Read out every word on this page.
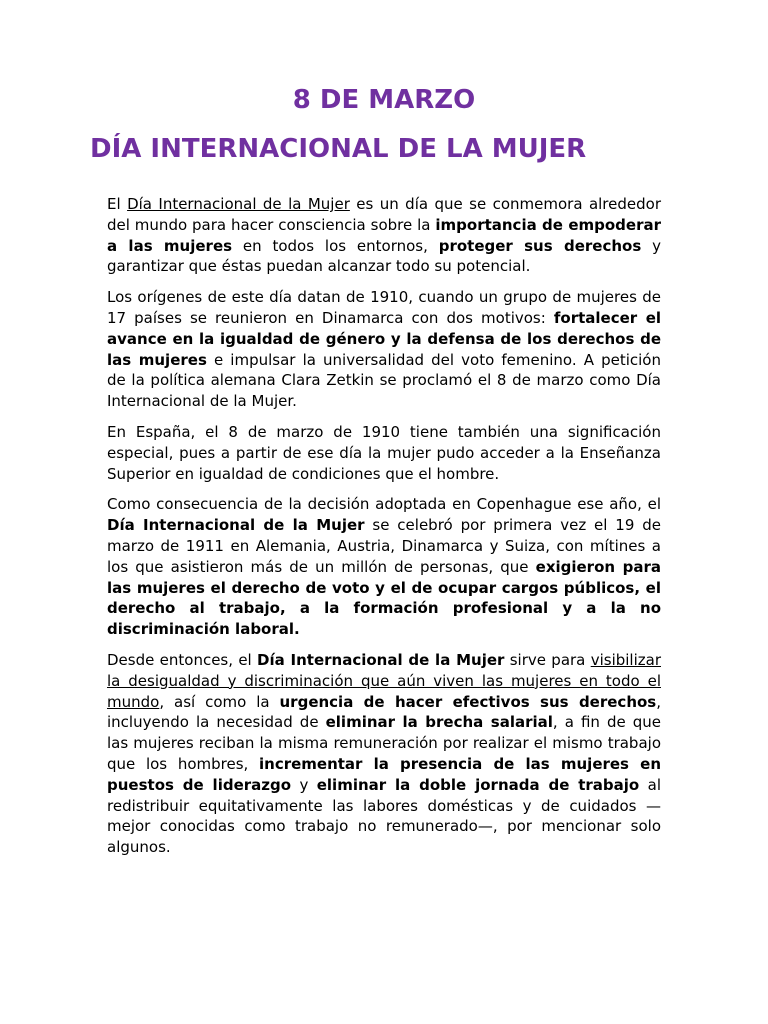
8 DE MARZO
DÍA INTERNACIONAL DE LA MUJER

El Día Internacional de la Mujer es un día que se conmemora alrededor del mundo para hacer consciencia sobre la importancia de empoderar a las mujeres en todos los entornos, proteger sus derechos y garantizar que éstas puedan alcanzar todo su potencial.

Los orígenes de este día datan de 1910, cuando un grupo de mujeres de 17 países se reunieron en Dinamarca con dos motivos: fortalecer el avance en la igualdad de género y la defensa de los derechos de las mujeres e impulsar la universalidad del voto femenino. A petición de la política alemana Clara Zetkin se proclamó el 8 de marzo como Día Internacional de la Mujer.

En España, el 8 de marzo de 1910 tiene también una significación especial, pues a partir de ese día la mujer pudo acceder a la Enseñanza Superior en igualdad de condiciones que el hombre.

Como consecuencia de la decisión adoptada en Copenhague ese año, el Día Internacional de la Mujer se celebró por primera vez el 19 de marzo de 1911 en Alemania, Austria, Dinamarca y Suiza, con mítines a los que asistieron más de un millón de personas, que exigieron para las mujeres el derecho de voto y el de ocupar cargos públicos, el derecho al trabajo, a la formación profesional y a la no discriminación laboral.

Desde entonces, el Día Internacional de la Mujer sirve para visibilizar la desigualdad y discriminación que aún viven las mujeres en todo el mundo, así como la urgencia de hacer efectivos sus derechos, incluyendo la necesidad de eliminar la brecha salarial, a fin de que las mujeres reciban la misma remuneración por realizar el mismo trabajo que los hombres, incrementar la presencia de las mujeres en puestos de liderazgo y eliminar la doble jornada de trabajo al redistribuir equitativamente las labores domésticas y de cuidados — mejor conocidas como trabajo no remunerado—, por mencionar solo algunos.
